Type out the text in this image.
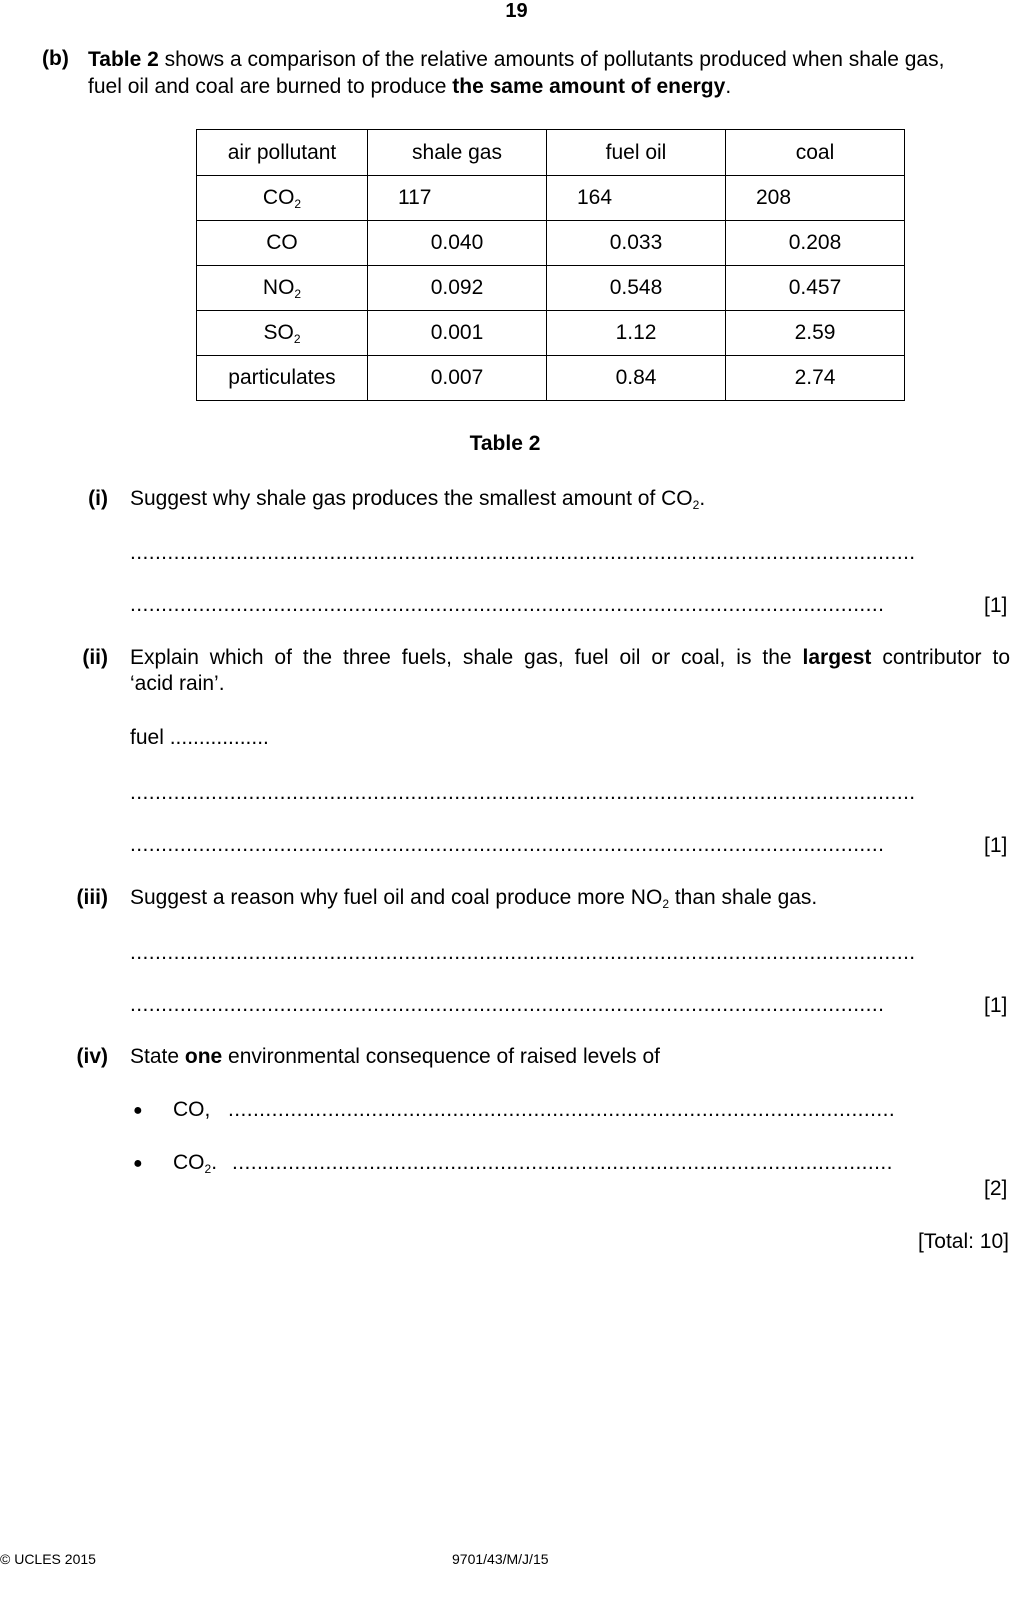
19
(b) Table 2 shows a comparison of the relative amounts of pollutants produced when shale gas,
fuel oil and coal are burned to produce the same amount of energy.
air pollutant	shale gas	fuel oil	coal
$CO_2$	117	164	208
CO	0.040	0.033	0.208
$NO_2$	0.092	0.548	0.457
$SO_2$	0.001	1.12	2.59
particulates	0.007	0.84	2.74
Table 2
(i) Suggest why shale gas produces the smallest amount of $CO_2$.
..............................................................................................................................
.........................................................................................................................	[1]
(ii) Explain which of the three fuels, shale gas, fuel oil or coal, is the largest contributor to
‘acid rain’.
fuel .................
..............................................................................................................................
.........................................................................................................................	[1]
(iii) Suggest a reason why fuel oil and coal produce more $NO_2$ than shale gas.
..............................................................................................................................
.........................................................................................................................	[1]
(iv) State one environmental consequence of raised levels of
● CO, ...........................................................................................................
● $CO_2$. ..........................................................................................................
[2]
[Total: 10]
© UCLES 2015	9701/43/M/J/15
